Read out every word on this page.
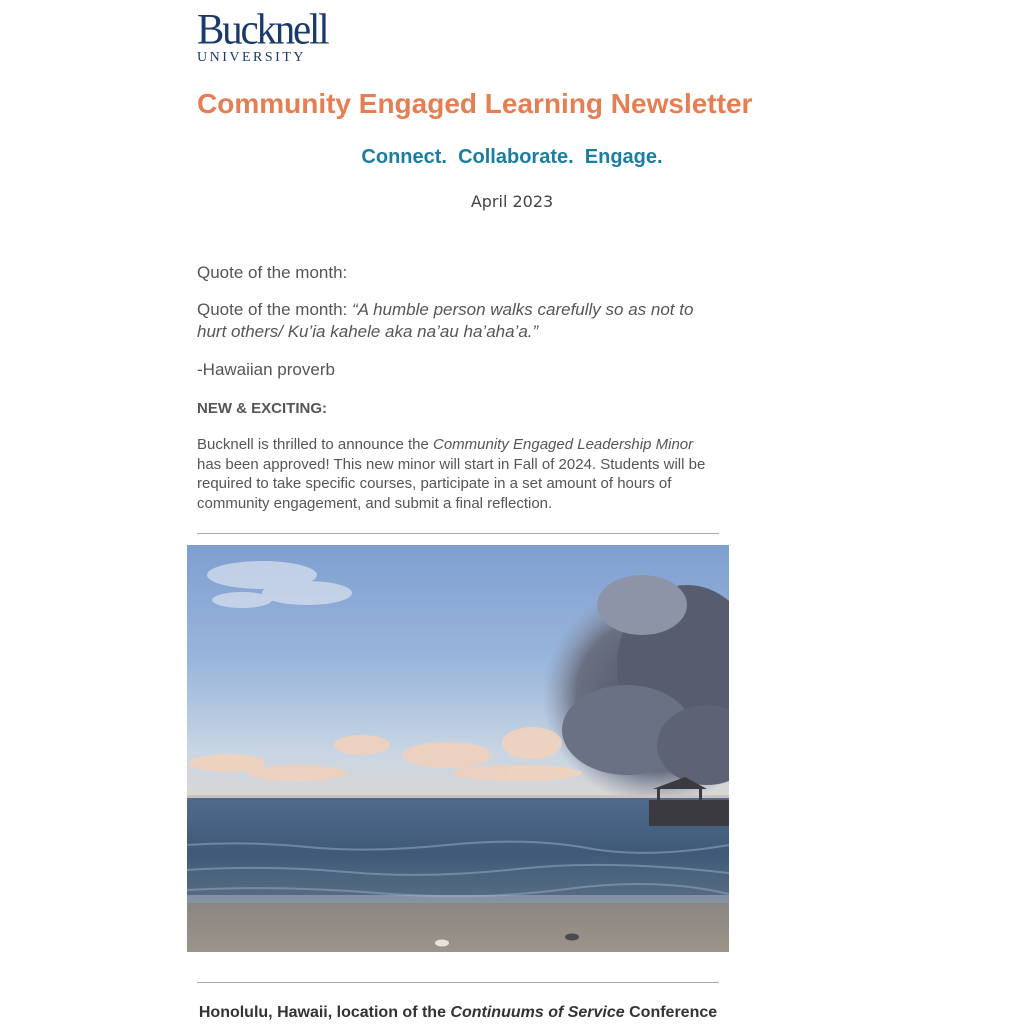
Bucknell
UNIVERSITY
Community Engaged Learning Newsletter
Connect.  Collaborate.  Engage.
April 2023

Quote of the month:

Quote of the month: “A humble person walks carefully so as not to hurt others/ Ku’ia kahele aka na’au ha’aha’a.”

-Hawaiian proverb

NEW & EXCITING:

Bucknell is thrilled to announce the Community Engaged Leadership Minor has been approved! This new minor will start in Fall of 2024. Students will be required to take specific courses, participate in a set amount of hours of community engagement, and submit a final reflection.

Honolulu, Hawaii, location of the Continuums of Service Conference
